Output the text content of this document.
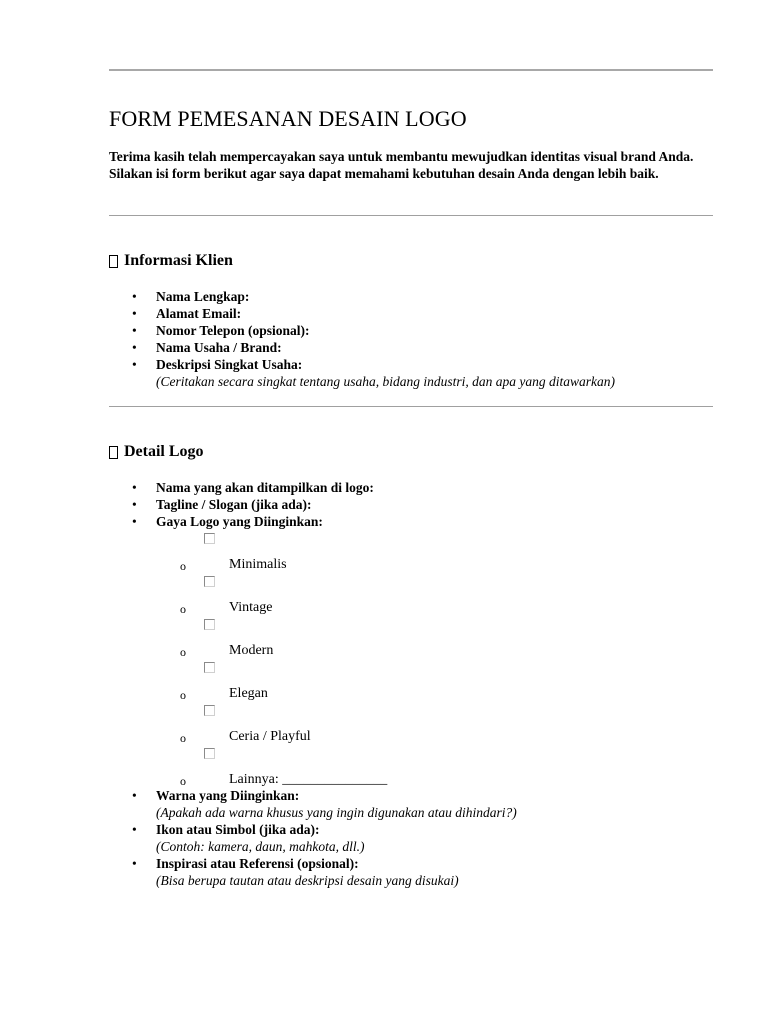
FORM PEMESANAN DESAIN LOGO

Terima kasih telah mempercayakan saya untuk membantu mewujudkan identitas visual brand Anda. Silakan isi form berikut agar saya dapat memahami kebutuhan desain Anda dengan lebih baik.

Informasi Klien
• Nama Lengkap:
• Alamat Email:
• Nomor Telepon (opsional):
• Nama Usaha / Brand:
• Deskripsi Singkat Usaha:
(Ceritakan secara singkat tentang usaha, bidang industri, dan apa yang ditawarkan)
Detail Logo
• Nama yang akan ditampilkan di logo:
• Tagline / Slogan (jika ada):
• Gaya Logo yang Diinginkan:
o	Minimalis
o	Vintage
o	Modern
o	Elegan
o	Ceria / Playful
o	Lainnya: _______________
• Warna yang Diinginkan:
(Apakah ada warna khusus yang ingin digunakan atau dihindari?)
• Ikon atau Simbol (jika ada):
(Contoh: kamera, daun, mahkota, dll.)
• Inspirasi atau Referensi (opsional):
(Bisa berupa tautan atau deskripsi desain yang disukai)
